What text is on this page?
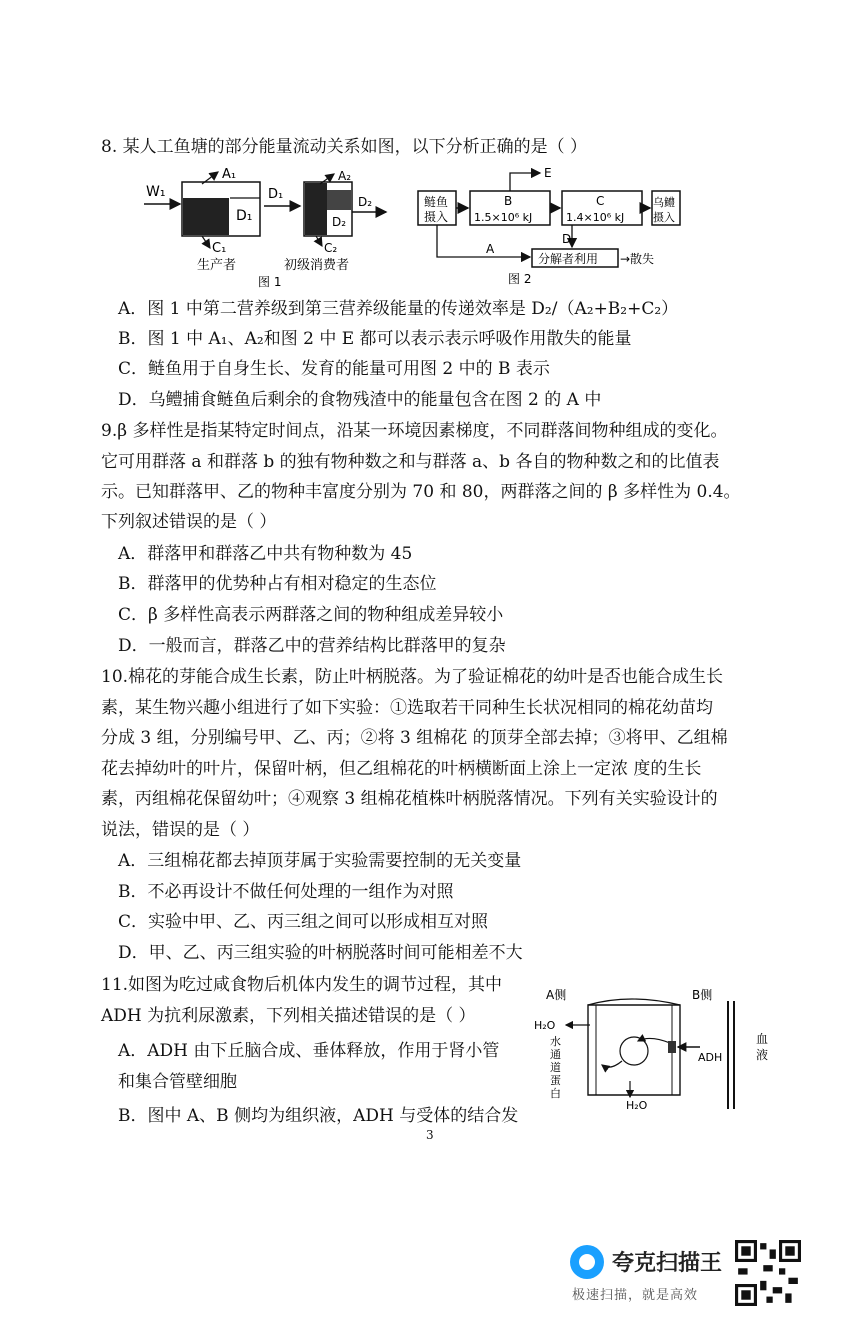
8. 某人工鱼塘的部分能量流动关系如图，以下分析正确的是（ ）
D₁
W₁
A₁
C₁
生产者
D₁
D₂
A₂
C₂
D₂
初级消费者
图 1
鲢鱼
摄入
B
1.5×10⁶ kJ
C
1.4×10⁶ kJ
乌鳢
摄入
E
D
A
分解者利用 →散失
图 2
A．图 1 中第二营养级到第三营养级能量的传递效率是 D₂/（A₂+B₂+C₂）
B．图 1 中 A₁、A₂和图 2 中 E 都可以表示表示呼吸作用散失的能量
C．鲢鱼用于自身生长、发育的能量可用图 2 中的 B 表示
D．乌鳢捕食鲢鱼后剩余的食物残渣中的能量包含在图 2 的 A 中
9.β 多样性是指某特定时间点，沿某一环境因素梯度，不同群落间物种组成的变化。
它可用群落 a 和群落 b 的独有物种数之和与群落 a、b 各自的物种数之和的比值表
示。已知群落甲、乙的物种丰富度分别为 70 和 80，两群落之间的 β 多样性为 0.4。
下列叙述错误的是（ ）
A．群落甲和群落乙中共有物种数为 45
B．群落甲的优势种占有相对稳定的生态位
C．β 多样性高表示两群落之间的物种组成差异较小
D．一般而言，群落乙中的营养结构比群落甲的复杂
10.棉花的芽能合成生长素，防止叶柄脱落。为了验证棉花的幼叶是否也能合成生长
素，某生物兴趣小组进行了如下实验：①选取若干同种生长状况相同的棉花幼苗均
分成 3 组，分别编号甲、乙、丙；②将 3 组棉花 的顶芽全部去掉；③将甲、乙组棉
花去掉幼叶的叶片，保留叶柄，但乙组棉花的叶柄横断面上涂上一定浓 度的生长
素，丙组棉花保留幼叶；④观察 3 组棉花植株叶柄脱落情况。下列有关实验设计的
说法，错误的是（ ）
A．三组棉花都去掉顶芽属于实验需要控制的无关变量
B．不必再设计不做任何处理的一组作为对照
C．实验中甲、乙、丙三组之间可以形成相互对照
D．甲、乙、丙三组实验的叶柄脱落时间可能相差不大
11.如图为吃过咸食物后机体内发生的调节过程，其中
ADH 为抗利尿激素，下列相关描述错误的是（ ）
A．ADH 由下丘脑合成、垂体释放，作用于肾小管
和集合管壁细胞
B．图中 A、B 侧均为组织液，ADH 与受体的结合发
A侧	B侧
H₂O
水
通
道
蛋
白
ADH
血
液
H₂O
3
夸克扫描王
极速扫描，就是高效
